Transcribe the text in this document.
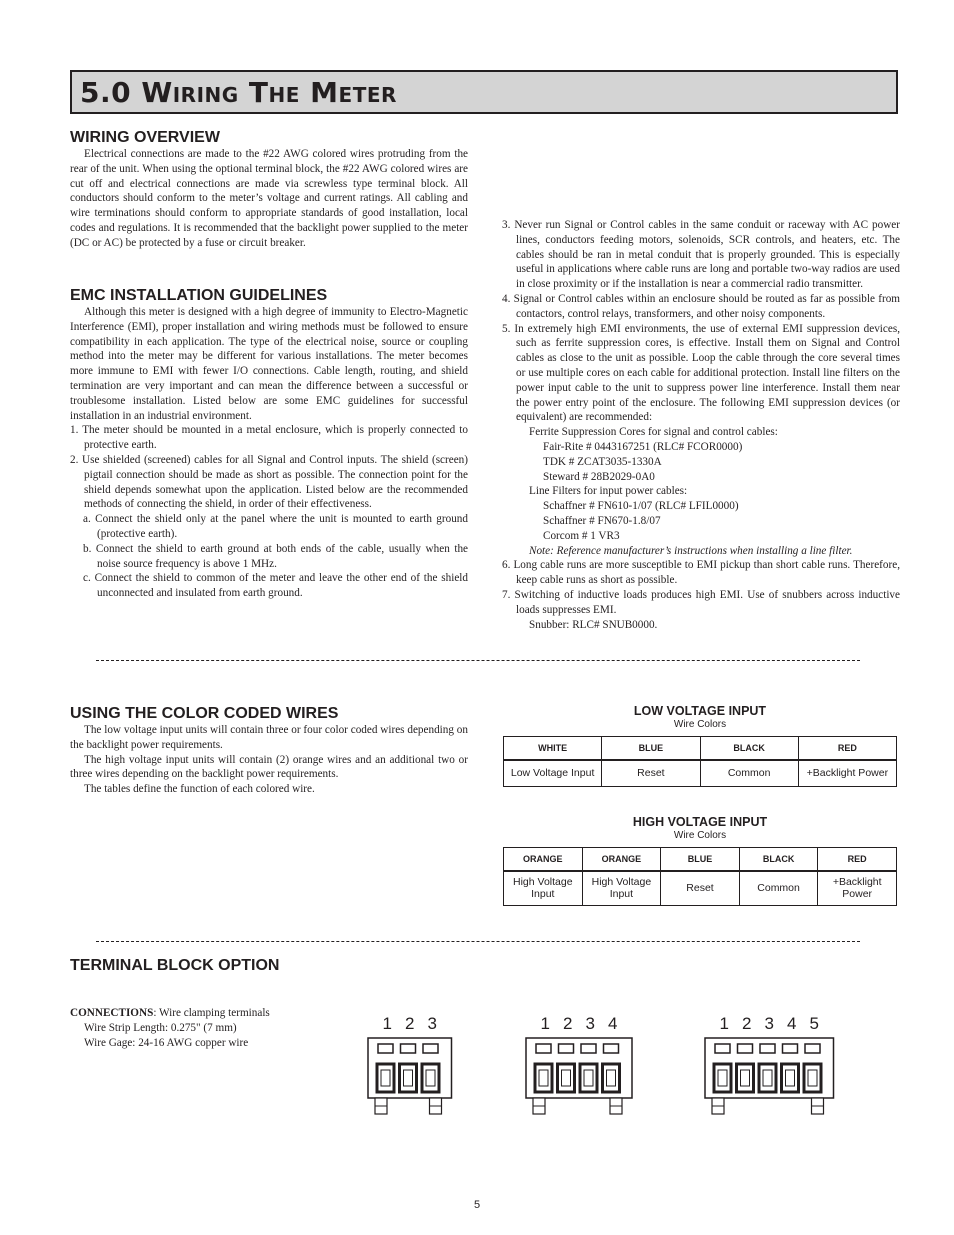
5.0 Wiring The Meter
WIRING OVERVIEW

Electrical connections are made to the #22 AWG colored wires protruding from the rear of the unit. When using the optional terminal block, the #22 AWG colored wires are cut off and electrical connections are made via screwless type terminal block. All conductors should conform to the meter’s voltage and current ratings. All cabling and wire terminations should conform to appropriate standards of good installation, local codes and regulations. It is recommended that the backlight power supplied to the meter (DC or AC) be protected by a fuse or circuit breaker.

EMC INSTALLATION GUIDELINES

Although this meter is designed with a high degree of immunity to Electro-Magnetic Interference (EMI), proper installation and wiring methods must be followed to ensure compatibility in each application. The type of the electrical noise, source or coupling method into the meter may be different for various installations. The meter becomes more immune to EMI with fewer I/O connections. Cable length, routing, and shield termination are very important and can mean the difference between a successful or troublesome installation. Listed below are some EMC guidelines for successful installation in an industrial environment.

1. The meter should be mounted in a metal enclosure, which is properly connected to protective earth.

2. Use shielded (screened) cables for all Signal and Control inputs. The shield (screen) pigtail connection should be made as short as possible. The connection point for the shield depends somewhat upon the application. Listed below are the recommended methods of connecting the shield, in order of their effectiveness.

a. Connect the shield only at the panel where the unit is mounted to earth ground (protective earth).

b. Connect the shield to earth ground at both ends of the cable, usually when the noise source frequency is above 1 MHz.

c. Connect the shield to common of the meter and leave the other end of the shield unconnected and insulated from earth ground.

3. Never run Signal or Control cables in the same conduit or raceway with AC power lines, conductors feeding motors, solenoids, SCR controls, and heaters, etc. The cables should be ran in metal conduit that is properly grounded. This is especially useful in applications where cable runs are long and portable two-way radios are used in close proximity or if the installation is near a commercial radio transmitter.

4. Signal or Control cables within an enclosure should be routed as far as possible from contactors, control relays, transformers, and other noisy components.

5. In extremely high EMI environments, the use of external EMI suppression devices, such as ferrite suppression cores, is effective. Install them on Signal and Control cables as close to the unit as possible. Loop the cable through the core several times or use multiple cores on each cable for additional protection. Install line filters on the power input cable to the unit to suppress power line interference. Install them near the power entry point of the enclosure. The following EMI suppression devices (or equivalent) are recommended:

Ferrite Suppression Cores for signal and control cables:

Fair-Rite # 0443167251 (RLC# FCOR0000)

TDK # ZCAT3035-1330A

Steward # 28B2029-0A0

Line Filters for input power cables:

Schaffner # FN610-1/07 (RLC# LFIL0000)

Schaffner # FN670-1.8/07

Corcom # 1 VR3

Note: Reference manufacturer’s instructions when installing a line filter.

6. Long cable runs are more susceptible to EMI pickup than short cable runs. Therefore, keep cable runs as short as possible.

7. Switching of inductive loads produces high EMI. Use of snubbers across inductive loads suppresses EMI.

Snubber: RLC# SNUB0000.

USING THE COLOR CODED WIRES

The low voltage input units will contain three or four color coded wires depending on the backlight power requirements.

The high voltage input units will contain (2) orange wires and an additional two or three wires depending on the backlight power requirements.

The tables define the function of each colored wire.

LOW VOLTAGE INPUT
Wire Colors
WHITE	BLUE	BLACK	RED
Low Voltage Input	Reset	Common	+Backlight Power
HIGH VOLTAGE INPUT
Wire Colors
ORANGE	ORANGE	BLUE	BLACK	RED
High Voltage Input	High Voltage Input	Reset	Common	+Backlight Power
TERMINAL BLOCK OPTION

CONNECTIONS: Wire clamping terminals

Wire Strip Length: 0.275" (7 mm)

Wire Gage: 24-16 AWG copper wire

1 2 3	1 2 3 4	1 2 3 4 5
5
